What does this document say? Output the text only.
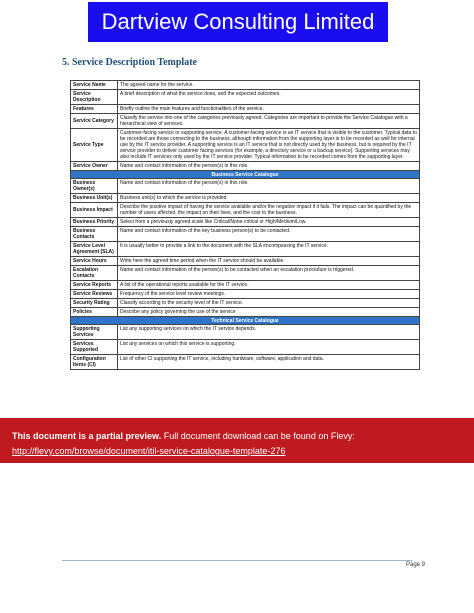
Dartview Consulting Limited
5. Service Description Template
Service Name	The agreed name for the service.
Service Description	A brief description of what the service does, and the expected outcomes.
Features	Briefly outline the main features and functionalities of the service.
Service Category	Classify the service into one of the categories previously agreed. Categories are important to provide the Service Catalogue with a hierarchical view of services.
Service Type	Customer-facing service or supporting service. A customer-facing service is an IT service that is visible to the customer. Typical data to be recorded are those connecting to the business, although information from the supporting layer is to be recorded as well for internal use by the IT service provider. A supporting service is an IT service that is not directly used by the business, but is required by the IT service provider to deliver customer facing services (for example, a directory service or a backup service). Supporting services may also include IT services only used by the IT service provider. Typical information to be recorded comes from the supporting layer.
Service Owner	Name and contact information of the person(s) in this role.
Business Service Catalogue	
Business Owner(s)	Name and contact information of the person(s) in this role.
Business Unit(s)	Business unit(s) to which the service is provided
Business Impact	Describe the positive impact of having the service available and/or the negative impact if it fails. The impact can be quantified by the number of users affected, the impact on their lives, and the cost to the business.
Business Priority	Select from a previously agreed scale like Critical/None-critical or High/Medium/Low.
Business Contacts	Name and contact information of the key business person(s) to be contacted.
Service Level Agreement (SLA)	It is usually better to provide a link to the document with the SLA encompassing the IT service.
Service Hours	Write here the agreed time period when the IT service should be available.
Escalation Contacts	Name and contact information of the person(s) to be contacted when an escalation procedure is triggered.
Service Reports	A list of the operational reports available for the IT service.
Service Reviews	Frequency of the service level review meetings.
Security Rating	Classify according to the security level of the IT service.
Policies	Describe any policy governing the use of the service
Technical Service Catalogue	
Supporting Services	List any supporting services on which the IT service depends.
Services Supported	List any services on which this service is supporting.
Configuration Items (CI)	List of other CI supporting the IT service, including hardware, software, application and data.
This document is a partial preview. Full document download can be found on Flevy:
http://flevy.com/browse/document/itil-service-catalogue-template-276
Page 9
